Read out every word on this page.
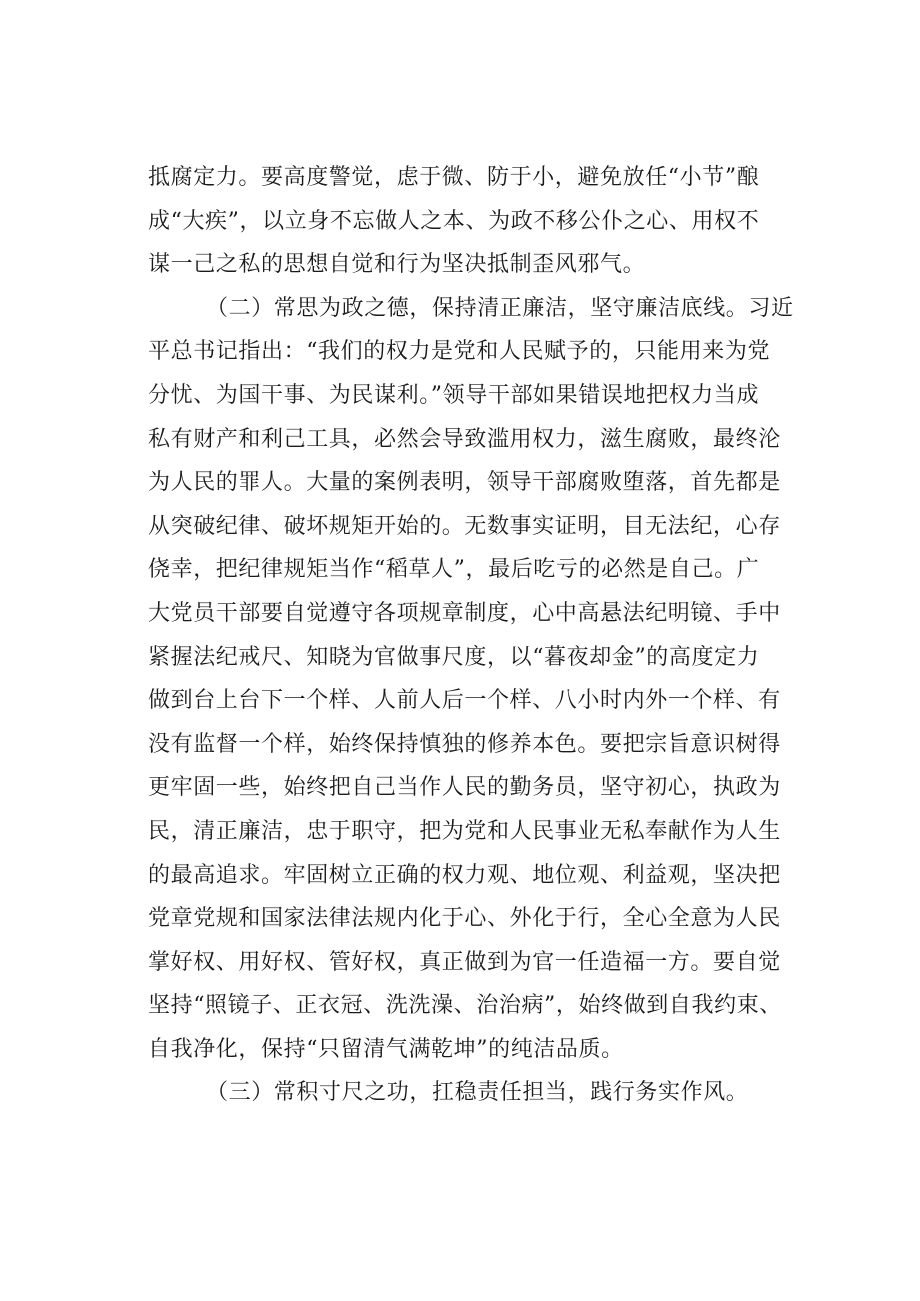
抵腐定力。要高度警觉，虑于微、防于小，避免放任“小节”酿
成“大疾”，以立身不忘做人之本、为政不移公仆之心、用权不
谋一己之私的思想自觉和行为坚决抵制歪风邪气。
（二）常思为政之德，保持清正廉洁，坚守廉洁底线。习近
平总书记指出：“我们的权力是党和人民赋予的，只能用来为党
分忧、为国干事、为民谋利。”领导干部如果错误地把权力当成
私有财产和利己工具，必然会导致滥用权力，滋生腐败，最终沦
为人民的罪人。大量的案例表明，领导干部腐败堕落，首先都是
从突破纪律、破坏规矩开始的。无数事实证明，目无法纪，心存
侥幸，把纪律规矩当作“稻草人”，最后吃亏的必然是自己。广
大党员干部要自觉遵守各项规章制度，心中高悬法纪明镜、手中
紧握法纪戒尺、知晓为官做事尺度，以“暮夜却金”的高度定力
做到台上台下一个样、人前人后一个样、八小时内外一个样、有
没有监督一个样，始终保持慎独的修养本色。要把宗旨意识树得
更牢固一些，始终把自己当作人民的勤务员，坚守初心，执政为
民，清正廉洁，忠于职守，把为党和人民事业无私奉献作为人生
的最高追求。牢固树立正确的权力观、地位观、利益观，坚决把
党章党规和国家法律法规内化于心、外化于行，全心全意为人民
掌好权、用好权、管好权，真正做到为官一任造福一方。要自觉
坚持“照镜子、正衣冠、洗洗澡、治治病”，始终做到自我约束、
自我净化，保持“只留清气满乾坤”的纯洁品质。
（三）常积寸尺之功，扛稳责任担当，践行务实作风。
